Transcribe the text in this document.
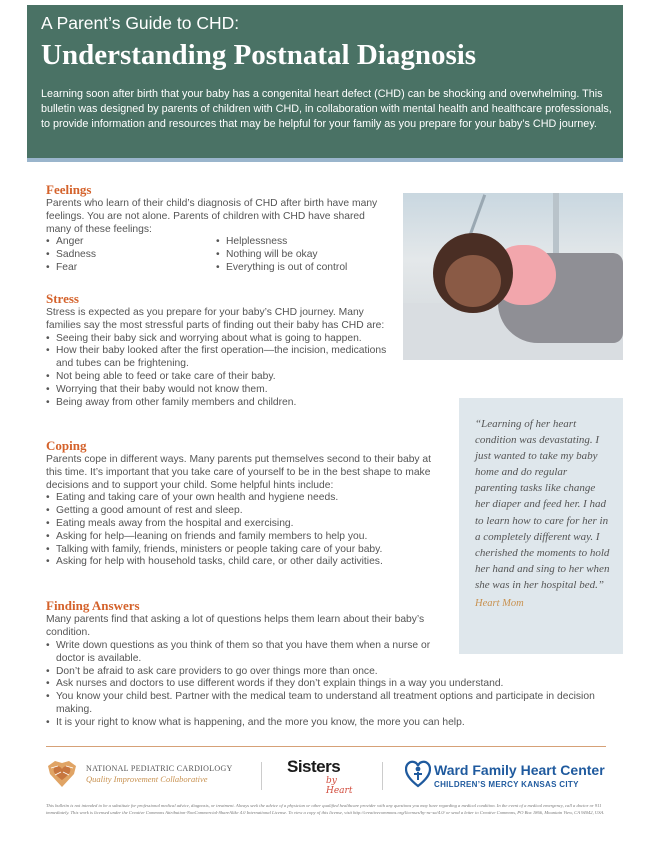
A Parent’s Guide to CHD:
Understanding Postnatal Diagnosis
Learning soon after birth that your baby has a congenital heart defect (CHD) can be shocking and overwhelming. This bulletin was designed by parents of children with CHD, in collaboration with mental health and healthcare professionals, to provide information and resources that may be helpful for your family as you prepare for your baby’s CHD journey.
Feelings
Parents who learn of their child’s diagnosis of CHD after birth have many feelings. You are not alone. Parents of children with CHD have shared many of these feelings:
• Anger
• Sadness
• Fear
• Helplessness
• Nothing will be okay
• Everything is out of control
Stress
Stress is expected as you prepare for your baby’s CHD journey. Many families say the most stressful parts of finding out their baby has CHD are:
• Seeing their baby sick and worrying about what is going to happen.
• How their baby looked after the first operation—the incision, medications and tubes can be frightening.
• Not being able to feed or take care of their baby.
• Worrying that their baby would not know them.
• Being away from other family members and children.
“Learning of her heart condition was devastating. I just wanted to take my baby home and do regular parenting tasks like change her diaper and feed her. I had to learn how to care for her in a completely different way. I cherished the moments to hold her hand and sing to her when she was in her hospital bed.”
Heart Mom
Coping
Parents cope in different ways. Many parents put themselves second to their baby at this time. It’s important that you take care of yourself to be in the best shape to make decisions and to support your child. Some helpful hints include:
• Eating and taking care of your own health and hygiene needs.
• Getting a good amount of rest and sleep.
• Eating meals away from the hospital and exercising.
• Asking for help—leaning on friends and family members to help you.
• Talking with family, friends, ministers or people taking care of your baby.
• Asking for help with household tasks, child care, or other daily activities.
Finding Answers
Many parents find that asking a lot of questions helps them learn about their baby’s condition.
• Write down questions as you think of them so that you have them when a nurse or doctor is available.
• Don’t be afraid to ask care providers to go over things more than once.
• Ask nurses and doctors to use different words if they don’t explain things in a way you understand.
• You know your child best. Partner with the medical team to understand all treatment options and participate in decision making.
• It is your right to know what is happening, and the more you know, the more you can help.
NATIONAL PEDIATRIC CARDIOLOGY
Quality Improvement Collaborative
Sisters
by Heart
Ward Family Heart Center
CHILDREN’S MERCY KANSAS CITY
This bulletin is not intended to be a substitute for professional medical advice, diagnosis, or treatment. Always seek the advice of a physician or other qualified healthcare provider with any questions you may have regarding a medical condition. In the event of a medical emergency, call a doctor or 911 immediately. This work is licensed under the Creative Commons Attribution-NonCommercial-ShareAlike 4.0 International License. To view a copy of this license, visit http://creativecommons.org/licenses/by-nc-sa/4.0/ or send a letter to Creative Commons, PO Box 1866, Mountain View, CA 94042, USA.
